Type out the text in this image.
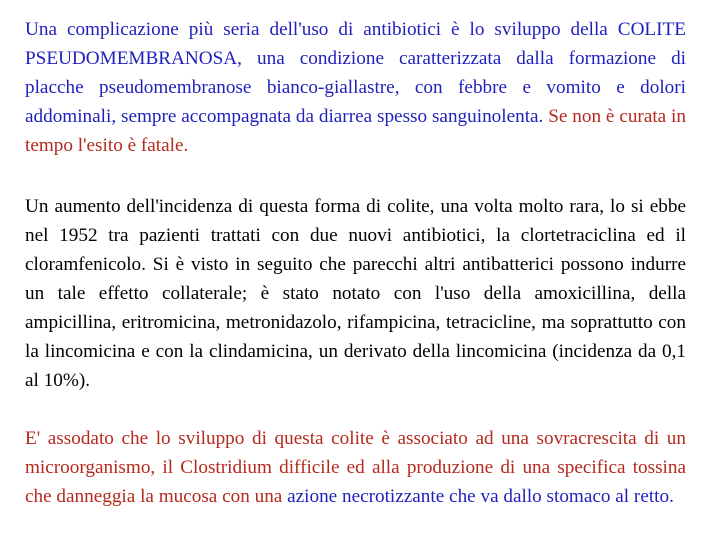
Una complicazione più seria dell'uso di antibiotici è lo sviluppo della COLITE PSEUDOMEMBRANOSA, una condizione caratterizzata dalla formazione di placche pseudomembranose bianco-giallastre, con febbre e vomito e dolori addominali, sempre accompagnata da diarrea spesso sanguinolenta. Se non è curata in tempo l'esito è fatale.

Un aumento dell'incidenza di questa forma di colite, una volta molto rara, lo si ebbe nel 1952 tra pazienti trattati con due nuovi antibiotici, la clortetraciclina ed il cloramfenicolo. Si è visto in seguito che parecchi altri antibatterici possono indurre un tale effetto collaterale; è stato notato con l'uso della amoxicillina, della ampicillina, eritromicina, metronidazolo, rifampicina, tetracicline, ma soprattutto con la lincomicina e con la clindamicina, un derivato della lincomicina (incidenza da 0,1 al 10%).

E' assodato che lo sviluppo di questa colite è associato ad una sovracrescita di un microorganismo, il Clostridium difficile ed alla produzione di una specifica tossina che danneggia la mucosa con una azione necrotizzante che va dallo stomaco al retto.
